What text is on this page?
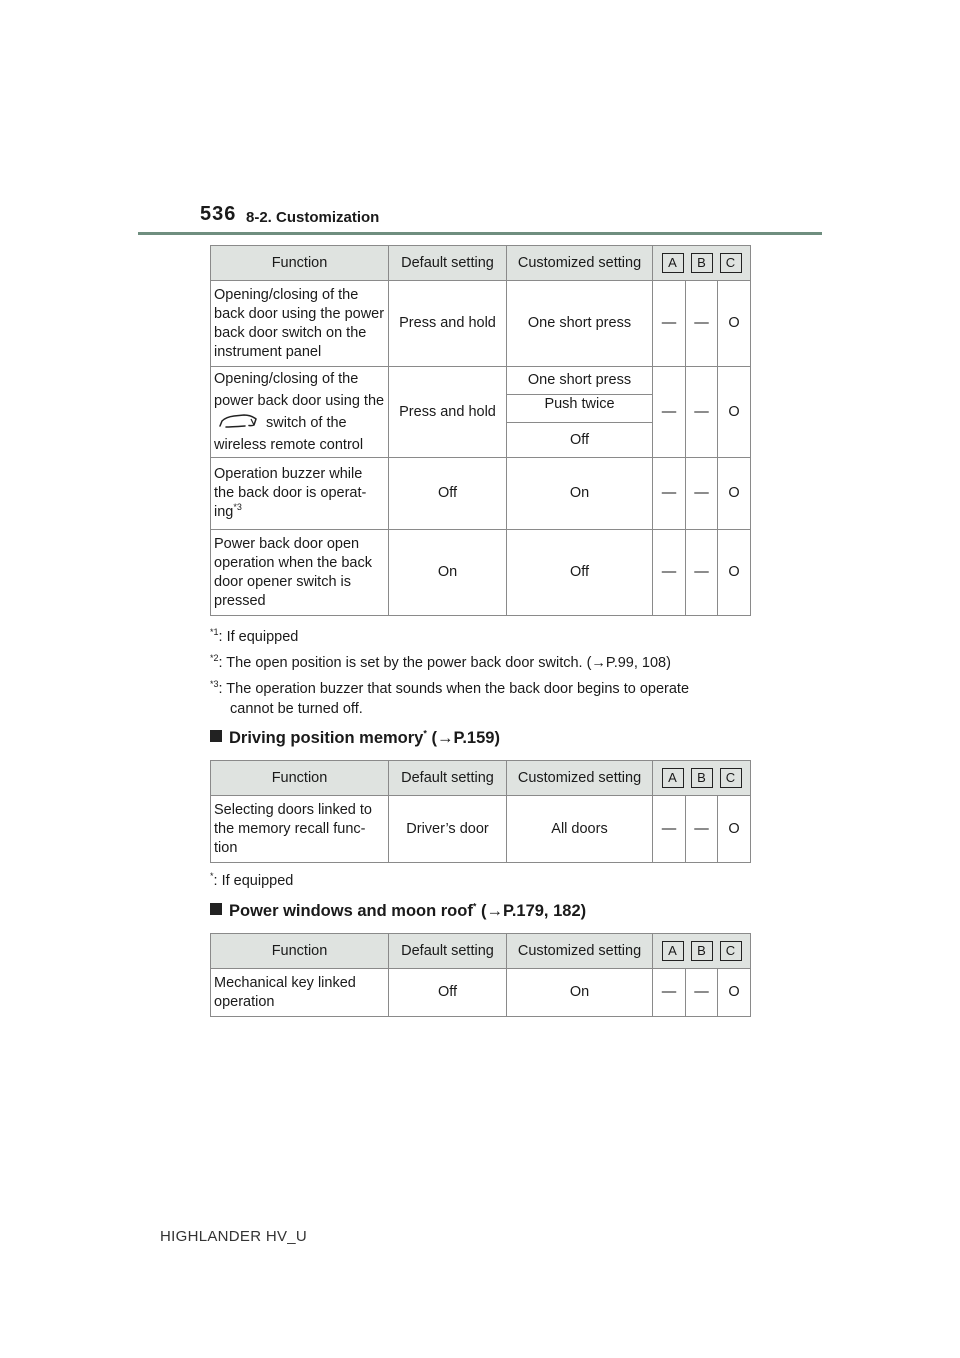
536 8-2. Customization
Function	Default setting	Customized setting	A B C		

Opening/closing of the back door using the power back door switch on the instrument panel	Press and hold	One short press	—	—	O
Opening/closing of the power back door using the  switch of the wireless remote control	Press and hold	One short press	—	—	O
		Push twice			
		Off			
Operation buzzer while the back door is operat-ing$^{*3}$	Off	On	—	—	O
Power back door open operation when the back door opener switch is pressed	On	Off	—	—	O
$^{*1}$: If equipped
$^{*2}$: The open position is set by the power back door switch. (→P.99, 108)
$^{*3}$: The operation buzzer that sounds when the back door begins to operate
cannot be turned off.
Driving position memory* (→P.159)
Function	Default setting	Customized setting	A B C		

Selecting doors linked to the memory recall func-tion	Driver’s door	All doors	—	—	O
*: If equipped
Power windows and moon roof* (→P.179, 182)
Function	Default setting	Customized setting	A B C		

Mechanical key linked operation	Off	On	—	—	O
HIGHLANDER HV_U
